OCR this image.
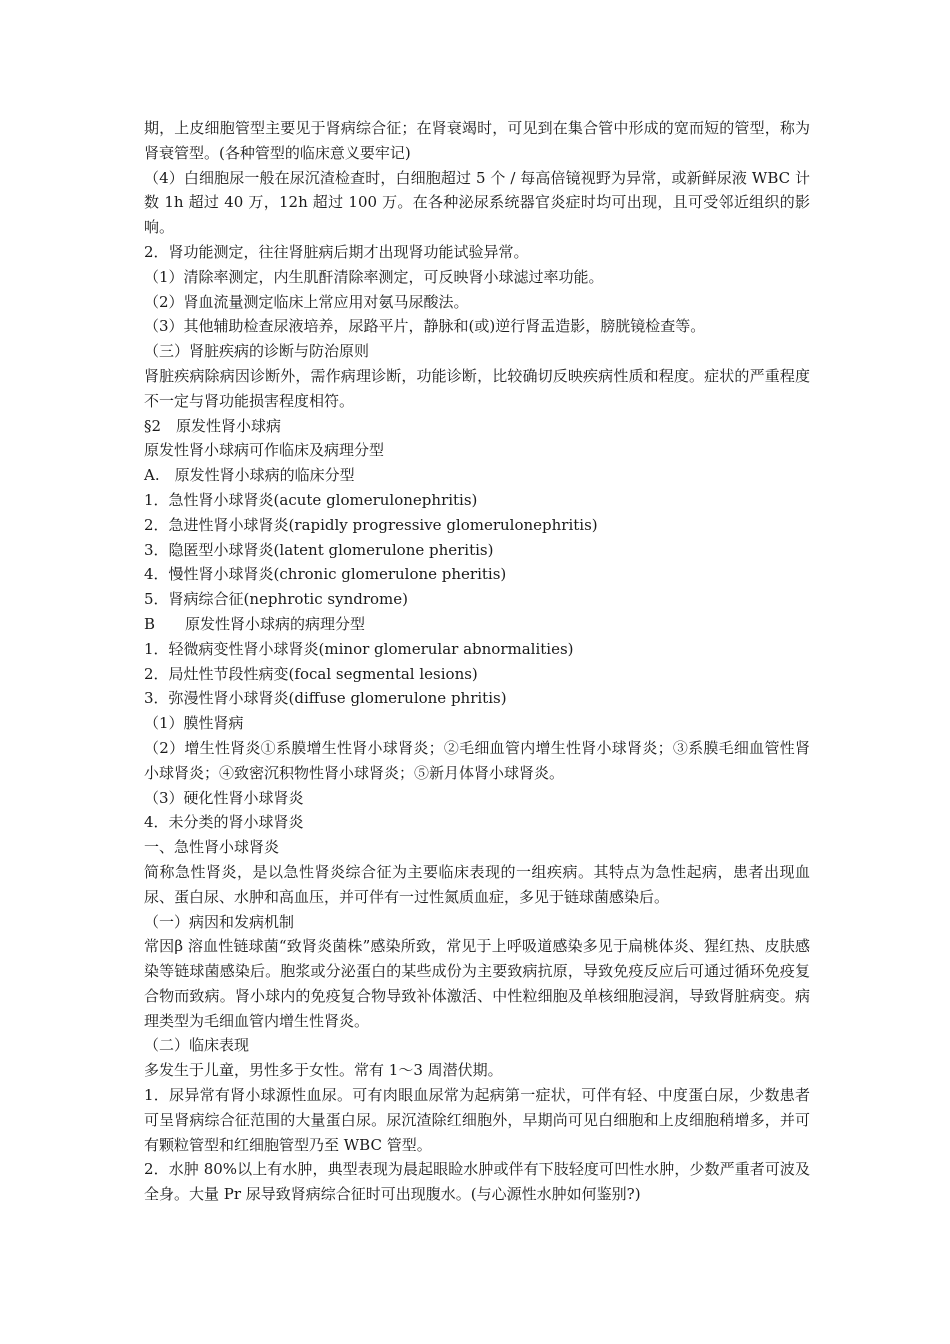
期，上皮细胞管型主要见于肾病综合征；在肾衰竭时，可见到在集合管中形成的宽而短的管型，称为肾衰管型。(各种管型的临床意义要牢记)

（4）白细胞尿一般在尿沉渣检查时，白细胞超过 5 个 / 每高倍镜视野为异常，或新鲜尿液 WBC 计数 1h 超过 40 万，12h 超过 100 万。在各种泌尿系统器官炎症时均可出现，且可受邻近组织的影响。

2．肾功能测定，往往肾脏病后期才出现肾功能试验异常。

（1）清除率测定，内生肌酐清除率测定，可反映肾小球滤过率功能。

（2）肾血流量测定临床上常应用对氨马尿酸法。

（3）其他辅助检查尿液培养，尿路平片，静脉和(或)逆行肾盂造影，膀胱镜检查等。

（三）肾脏疾病的诊断与防治原则

肾脏疾病除病因诊断外，需作病理诊断，功能诊断，比较确切反映疾病性质和程度。症状的严重程度不一定与肾功能损害程度相符。

§2　原发性肾小球病

原发性肾小球病可作临床及病理分型

A.　原发性肾小球病的临床分型

1．急性肾小球肾炎(acute glomerulonephritis)

2．急进性肾小球肾炎(rapidly progressive glomerulonephritis)

3．隐匿型小球肾炎(latent glomerulone pheritis)

4．慢性肾小球肾炎(chronic glomerulone pheritis)

5．肾病综合征(nephrotic syndrome)

B　　原发性肾小球病的病理分型

1．轻微病变性肾小球肾炎(minor glomerular abnormalities)

2．局灶性节段性病变(focal segmental lesions)

3．弥漫性肾小球肾炎(diffuse glomerulone phritis)

（1）膜性肾病

（2）增生性肾炎①系膜增生性肾小球肾炎；②毛细血管内增生性肾小球肾炎；③系膜毛细血管性肾小球肾炎；④致密沉积物性肾小球肾炎；⑤新月体肾小球肾炎。

（3）硬化性肾小球肾炎

4．未分类的肾小球肾炎

一、急性肾小球肾炎

简称急性肾炎，是以急性肾炎综合征为主要临床表现的一组疾病。其特点为急性起病，患者出现血尿、蛋白尿、水肿和高血压，并可伴有一过性氮质血症，多见于链球菌感染后。

（一）病因和发病机制

常因β 溶血性链球菌“致肾炎菌株”感染所致，常见于上呼吸道感染多见于扁桃体炎、猩红热、皮肤感染等链球菌感染后。胞浆或分泌蛋白的某些成份为主要致病抗原，导致免疫反应后可通过循环免疫复合物而致病。肾小球内的免疫复合物导致补体激活、中性粒细胞及单核细胞浸润，导致肾脏病变。病理类型为毛细血管内增生性肾炎。

（二）临床表现

多发生于儿童，男性多于女性。常有 1～3 周潜伏期。

1．尿异常有肾小球源性血尿。可有肉眼血尿常为起病第一症状，可伴有轻、中度蛋白尿，少数患者可呈肾病综合征范围的大量蛋白尿。尿沉渣除红细胞外，早期尚可见白细胞和上皮细胞稍增多，并可有颗粒管型和红细胞管型乃至 WBC 管型。

2．水肿 80%以上有水肿，典型表现为晨起眼睑水肿或伴有下肢轻度可凹性水肿，少数严重者可波及全身。大量 Pr 尿导致肾病综合征时可出现腹水。(与心源性水肿如何鉴别?)
